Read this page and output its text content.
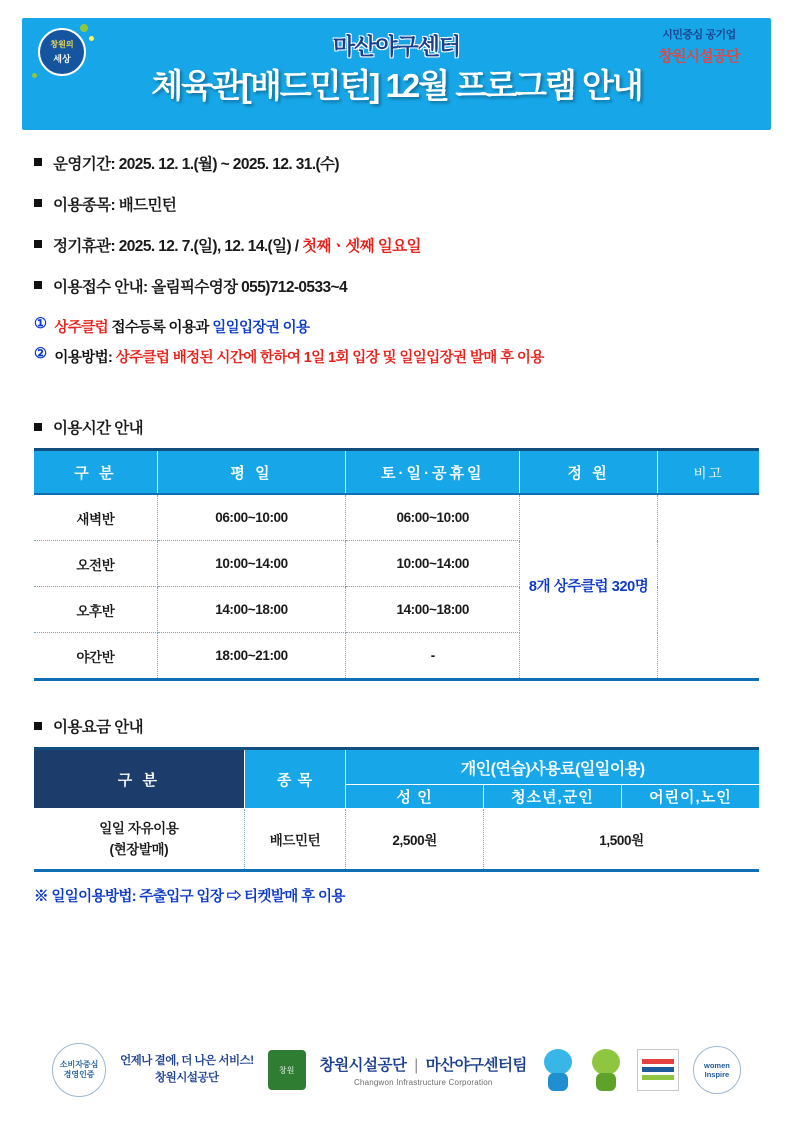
창원의
세상	마산야구센터
체육관[배드민턴] 12월 프로그램 안내
시민중심 공기업
창원시설공단
운영기간: 2025. 12. 1.(월) ~ 2025. 12. 31.(수)
이용종목: 배드민턴
정기휴관: 2025. 12. 7.(일), 12. 14.(일) / 첫째ㆍ셋째 일요일
이용접수 안내: 올림픽수영장 055)712-0533~4
① 상주클럽 접수등록 이용과 일일입장권 이용
② 이용방법: 상주클럽 배정된 시간에 한하여 1일 1회 입장 및 일일입장권 발매 후 이용
이용시간 안내
구 분	평 일	토·일·공휴일	정 원	비고
새벽반	06:00~10:00	06:00~10:00	8개 상주클럽 320명	
오전반	10:00~14:00	10:00~14:00		
오후반	14:00~18:00	14:00~18:00		
야간반	18:00~21:00	-		
이용요금 안내
구 분	종 목	개인(연습)사용료(일일이용)		
		성 인	청소년,군인	어린이,노인

일일 자유이용
(현장발매)	배드민턴	2,500원	1,500원	
※ 일일이용방법: 주출입구 입장 ⇨ 티켓발매 후 이용
소비자중심
경영인증
언제나 곁에, 더 나은 서비스!
창원시설공단
창원 창원시설공단 | 마산야구센터팀
Changwon Infrastructure Corporation
women
Inspire
